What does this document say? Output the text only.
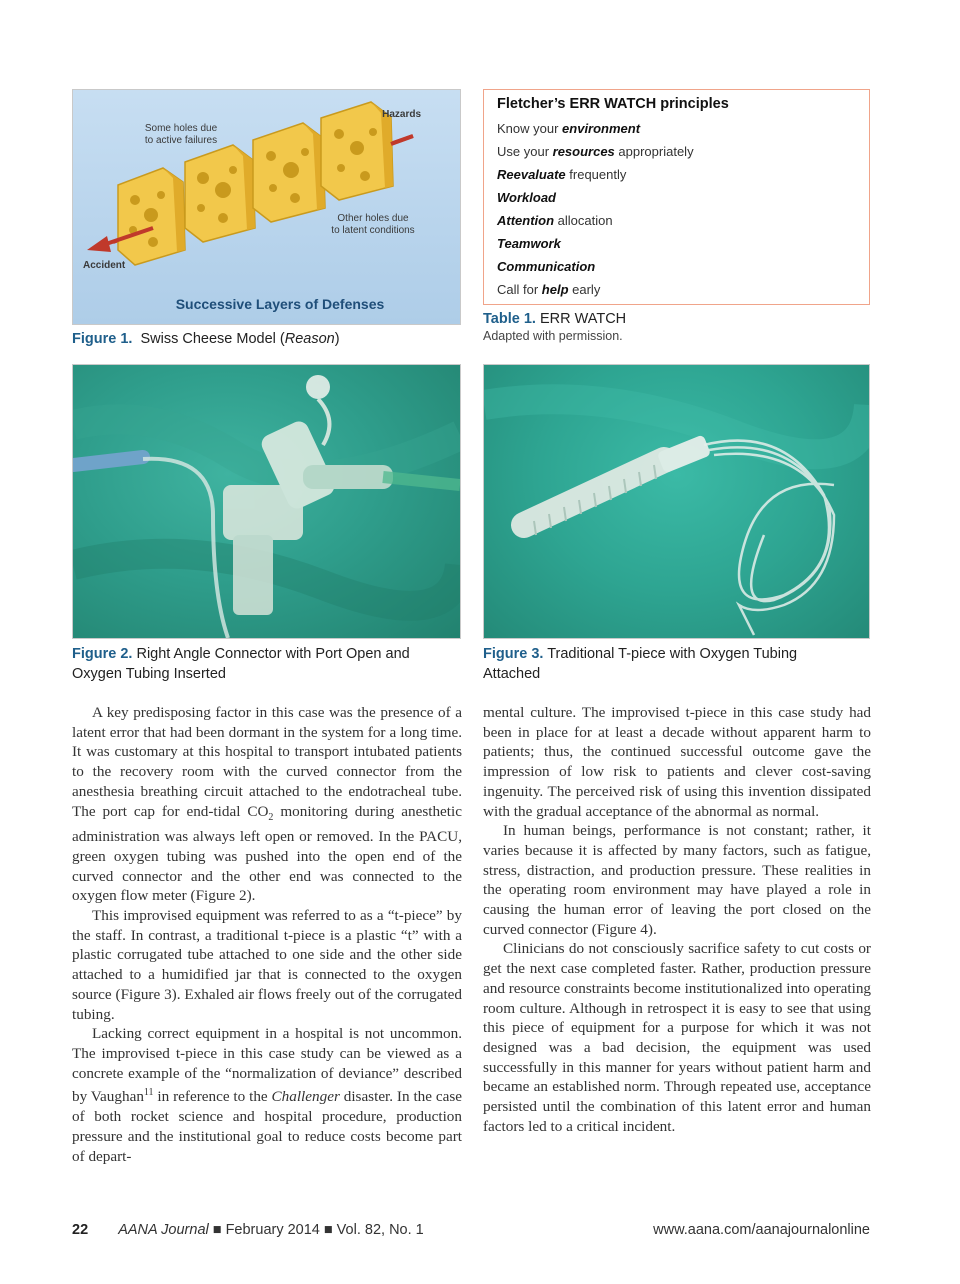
Hazards
Some holes due
to active failures
Other holes due
to latent conditions
Accident
Successive Layers of Defenses
Figure 1. Swiss Cheese Model (Reason)
Fletcher’s ERR WATCH principles
Know your environment
Use your resources appropriately
Reevaluate frequently
Workload
Attention allocation
Teamwork
Communication
Call for help early
Table 1. ERR WATCH
Adapted with permission.
Figure 2. Right Angle Connector with Port Open and
Oxygen Tubing Inserted
Figure 3. Traditional T-piece with Oxygen Tubing
Attached

A key predisposing factor in this case was the presence of a latent error that had been dormant in the system for a long time. It was customary at this hospital to transport intubated patients to the recovery room with the curved connector from the anesthesia breathing circuit attached to the endotracheal tube. The port cap for end-tidal $CO_2$ monitoring during anesthetic administration was always left open or removed. In the PACU, green oxygen tubing was pushed into the open end of the curved connector and the other end was connected to the oxygen flow meter (Figure 2).

This improvised equipment was referred to as a “t-piece” by the staff. In contrast, a traditional t-piece is a plastic “t” with a plastic corrugated tube attached to one side and the other side attached to a humidified jar that is connected to the oxygen source (Figure 3). Exhaled air flows freely out of the corrugated tubing.

Lacking correct equipment in a hospital is not uncommon. The improvised t-piece in this case study can be viewed as a concrete example of the “normalization of deviance” described by Vaughan$^{11}$ in reference to the Challenger disaster. In the case of both rocket science and hospital procedure, production pressure and the institutional goal to reduce costs become part of depart-

mental culture. The improvised t-piece in this case study had been in place for at least a decade without apparent harm to patients; thus, the continued successful outcome gave the impression of low risk to patients and clever cost-saving ingenuity. The perceived risk of using this invention dissipated with the gradual acceptance of the abnormal as normal.

In human beings, performance is not constant; rather, it varies because it is affected by many factors, such as fatigue, stress, distraction, and production pressure. These realities in the operating room environment may have played a role in causing the human error of leaving the port closed on the curved connector (Figure 4).

Clinicians do not consciously sacrifice safety to cut costs or get the next case completed faster. Rather, production pressure and resource constraints become institutionalized into operating room culture. Although in retrospect it is easy to see that using this piece of equipment for a purpose for which it was not designed was a bad decision, the equipment was used successfully in this manner for years without patient harm and became an established norm. Through repeated use, acceptance persisted until the combination of this latent error and human factors led to a critical incident.

22 AANA Journal ■ February 2014 ■ Vol. 82, No. 1	www.aana.com/aanajournalonline
